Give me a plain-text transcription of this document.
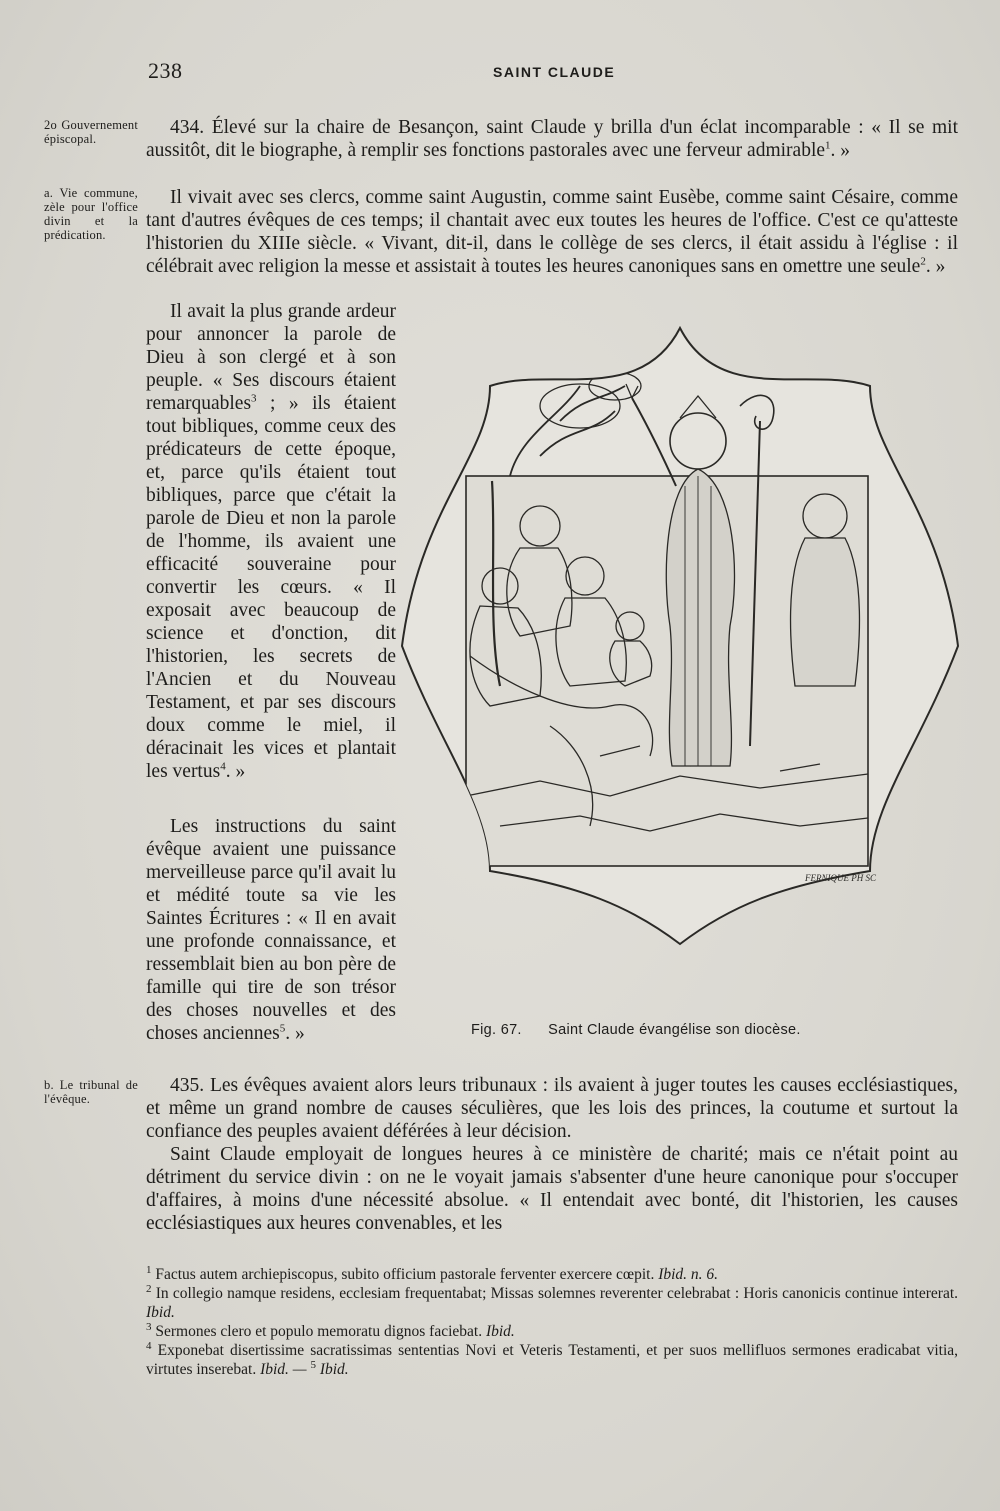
238	SAINT CLAUDE
2o Gouvernement épiscopal.
a. Vie commune, zèle pour l'office divin et la prédication.
b. Le tribunal de l'évêque.

434. Élevé sur la chaire de Besançon, saint Claude y brilla d'un éclat incomparable : « Il se mit aussitôt, dit le biographe, à remplir ses fonctions pastorales avec une ferveur admirable$^1$. »

Il vivait avec ses clercs, comme saint Augustin, comme saint Eusèbe, comme saint Césaire, comme tant d'autres évêques de ces temps; il chantait avec eux toutes les heures de l'office. C'est ce qu'atteste l'historien du XIIIe siècle. « Vivant, dit-il, dans le collège de ses clercs, il était assidu à l'église : il célébrait avec religion la messe et assistait à toutes les heures canoniques sans en omettre une seule$^2$. »

Il avait la plus grande ardeur pour annoncer la parole de Dieu à son clergé et à son peuple. « Ses discours étaient remarquables$^3$ ; » ils étaient tout bibliques, comme ceux des prédicateurs de cette époque, et, parce qu'ils étaient tout bibliques, parce que c'était la parole de Dieu et non la parole de l'homme, ils avaient une efficacité souveraine pour convertir les cœurs. « Il exposait avec beaucoup de science et d'onction, dit l'historien, les secrets de l'Ancien et du Nouveau Testament, et par ses discours doux comme le miel, il déracinait les vices et plantait les vertus$^4$. »

Les instructions du saint évêque avaient une puissance merveilleuse parce qu'il avait lu et médité toute sa vie les Saintes Écritures : « Il en avait une profonde connaissance, et ressemblait bien au bon père de famille qui tire de son trésor des choses nouvelles et des choses anciennes$^5$. »

FERNIQUE PH SC
Fig. 67. Saint Claude évangélise son diocèse.

435. Les évêques avaient alors leurs tribunaux : ils avaient à juger toutes les causes ecclésiastiques, et même un grand nombre de causes séculières, que les lois des princes, la coutume et surtout la confiance des peuples avaient déférées à leur décision.

Saint Claude employait de longues heures à ce ministère de charité; mais ce n'était point au détriment du service divin : on ne le voyait jamais s'absenter d'une heure canonique pour s'occuper d'affaires, à moins d'une nécessité absolue. « Il entendait avec bonté, dit l'historien, les causes ecclésiastiques aux heures convenables, et les

$^1$ Factus autem archiepiscopus, subito officium pastorale ferventer exercere cœpit. Ibid. n. 6.

$^2$ In collegio namque residens, ecclesiam frequentabat; Missas solemnes reverenter celebrabat : Horis canonicis continue intererat. Ibid.

$^3$ Sermones clero et populo memoratu dignos faciebat. Ibid.

$^4$ Exponebat disertissime sacratissimas sententias Novi et Veteris Testamenti, et per suos mellifluos sermones eradicabat vitia, virtutes inserebat. Ibid. — $^5$ Ibid.
